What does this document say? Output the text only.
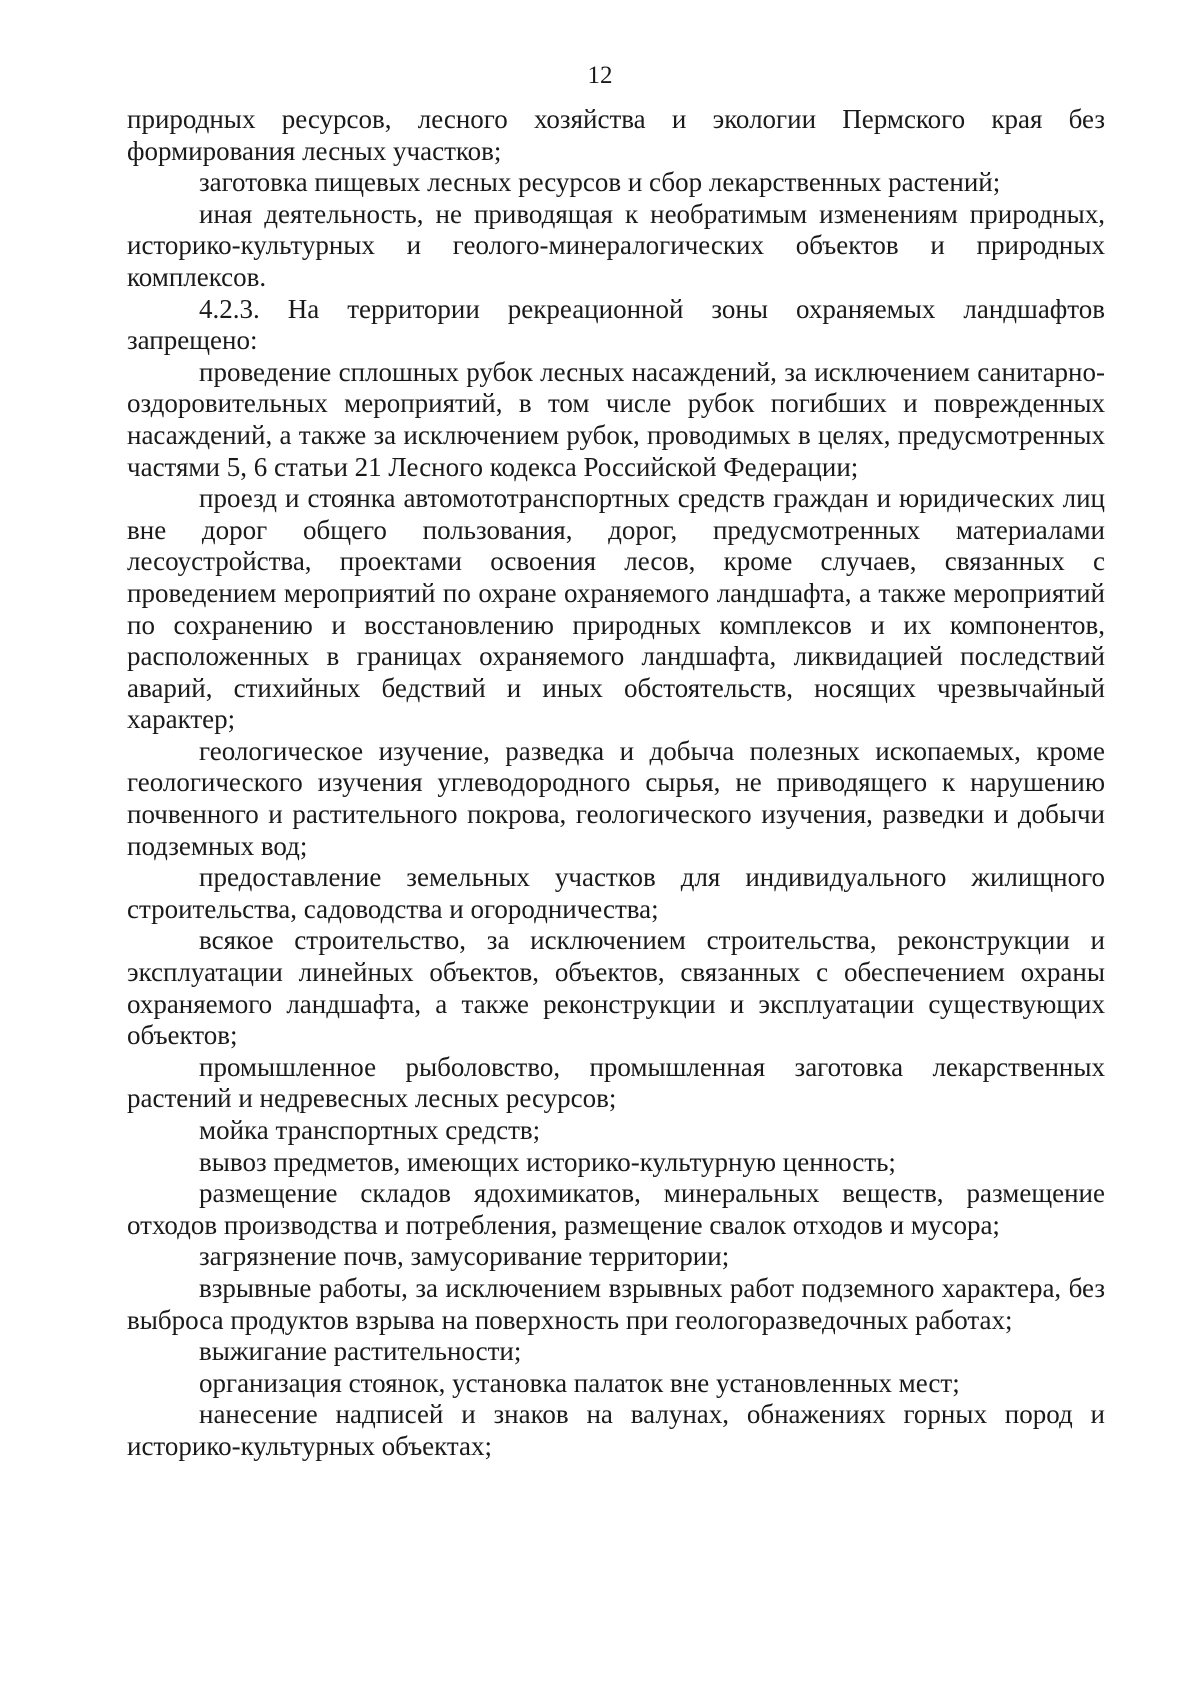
12

природных ресурсов, лесного хозяйства и экологии Пермского края без формирования лесных участков;

заготовка пищевых лесных ресурсов и сбор лекарственных растений;

иная деятельность, не приводящая к необратимым изменениям природных, историко-культурных и геолого-минералогических объектов и природных комплексов.

4.2.3. На территории рекреационной зоны охраняемых ландшафтов запрещено:

проведение сплошных рубок лесных насаждений, за исключением санитарно-оздоровительных мероприятий, в том числе рубок погибших и поврежденных насаждений, а также за исключением рубок, проводимых в целях, предусмотренных частями 5, 6 статьи 21 Лесного кодекса Российской Федерации;

проезд и стоянка автомототранспортных средств граждан и юридических лиц вне дорог общего пользования, дорог, предусмотренных материалами лесоустройства, проектами освоения лесов, кроме случаев, связанных с проведением мероприятий по охране охраняемого ландшафта, а также мероприятий по сохранению и восстановлению природных комплексов и их компонентов, расположенных в границах охраняемого ландшафта, ликвидацией последствий аварий, стихийных бедствий и иных обстоятельств, носящих чрезвычайный характер;

геологическое изучение, разведка и добыча полезных ископаемых, кроме геологического изучения углеводородного сырья, не приводящего к нарушению почвенного и растительного покрова, геологического изучения, разведки и добычи подземных вод;

предоставление земельных участков для индивидуального жилищного строительства, садоводства и огородничества;

всякое строительство, за исключением строительства, реконструкции и эксплуатации линейных объектов, объектов, связанных с обеспечением охраны охраняемого ландшафта, а также реконструкции и эксплуатации существующих объектов;

промышленное рыболовство, промышленная заготовка лекарственных растений и недревесных лесных ресурсов;

мойка транспортных средств;

вывоз предметов, имеющих историко-культурную ценность;

размещение складов ядохимикатов, минеральных веществ, размещение отходов производства и потребления, размещение свалок отходов и мусора;

загрязнение почв, замусоривание территории;

взрывные работы, за исключением взрывных работ подземного характера, без выброса продуктов взрыва на поверхность при геологоразведочных работах;

выжигание растительности;

организация стоянок, установка палаток вне установленных мест;

нанесение надписей и знаков на валунах, обнажениях горных пород и историко-культурных объектах;
